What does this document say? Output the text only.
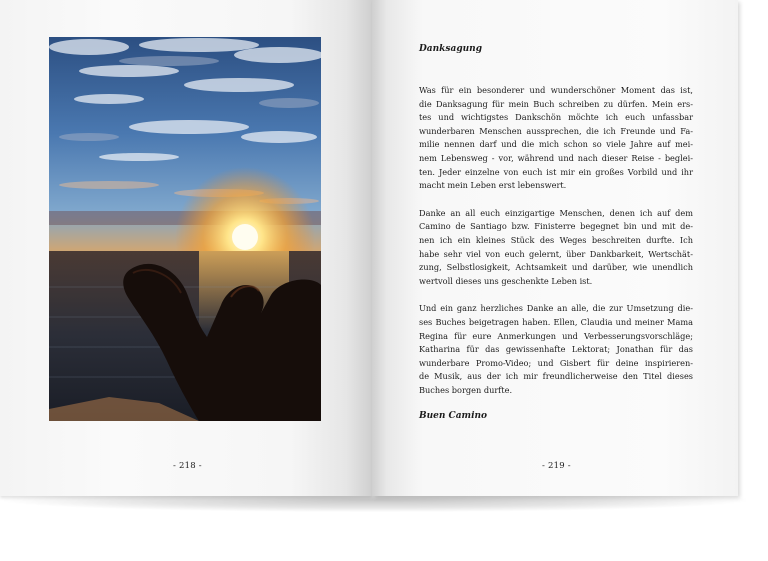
- 218 -
Danksagung
Was für ein besonderer und wunderschöner Moment das ist,
die Danksagung für mein Buch schreiben zu dürfen. Mein ers-
tes und wichtigstes Dankschön möchte ich euch unfassbar
wunderbaren Menschen aussprechen, die ich Freunde und Fa-
milie nennen darf und die mich schon so viele Jahre auf mei-
nem Lebensweg - vor, während und nach dieser Reise - beglei-
ten. Jeder einzelne von euch ist mir ein großes Vorbild und ihr
macht mein Leben erst lebenswert.
Danke an all euch einzigartige Menschen, denen ich auf dem
Camino de Santiago bzw. Finisterre begegnet bin und mit de-
nen ich ein kleines Stück des Weges beschreiten durfte. Ich
habe sehr viel von euch gelernt, über Dankbarkeit, Wertschät-
zung, Selbstlosigkeit, Achtsamkeit und darüber, wie unendlich
wertvoll dieses uns geschenkte Leben ist.
Und ein ganz herzliches Danke an alle, die zur Umsetzung die-
ses Buches beigetragen haben. Ellen, Claudia und meiner Mama
Regina für eure Anmerkungen und Verbesserungsvorschläge;
Katharina für das gewissenhafte Lektorat; Jonathan für das
wunderbare Promo-Video; und Gisbert für deine inspirieren-
de Musik, aus der ich mir freundlicherweise den Titel dieses
Buches borgen durfte.
Buen Camino
- 219 -
